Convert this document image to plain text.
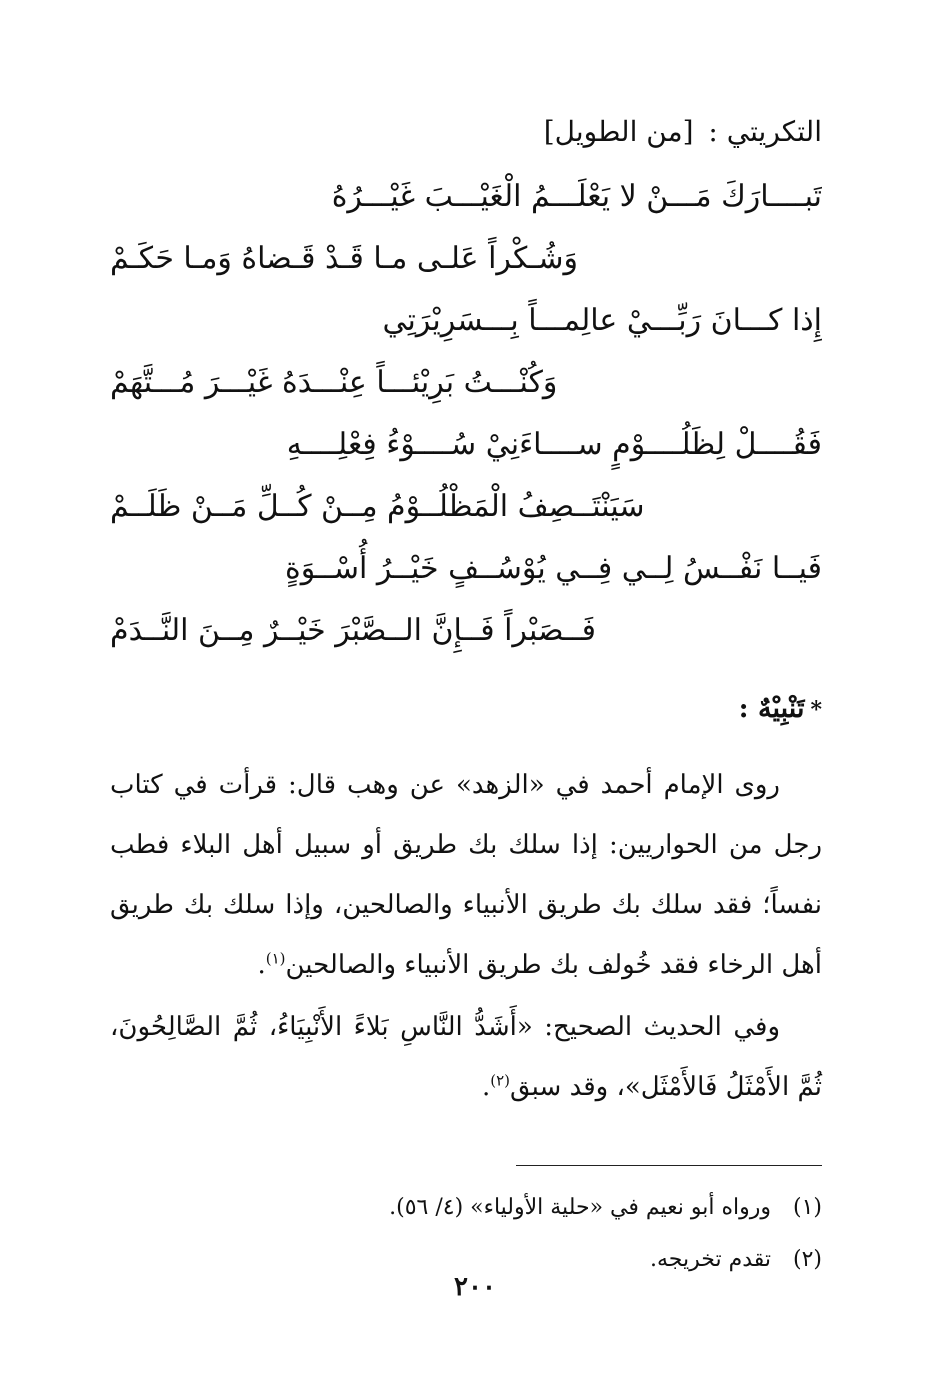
التكريتي : [من الطويل]
تَبــــارَكَ مَـــنْ لا يَعْلَـــمُ الْغَيْـــبَ غَيْـــرُهُ
وَشُـكْراً عَلـى مـا قَـدْ قَـضاهُ وَمـا حَكَـمْ
إِذا كـــانَ رَبِّـــيْ عالِمـــاً بِـــسَرِيْرَتِي
وَكُنْـــتُ بَرِيْئـــاً عِنْـــدَهُ غَيْـــرَ مُـــتَّهَمْ
فَقُــــلْ لِظَلُــــوْمٍ ســــاءَنِيْ سُــــوْءُ فِعْلِــــهِ
سَيَنْتَــصِفُ الْمَظْلُــوْمُ مِــنْ كُــلِّ مَــنْ ظَلَــمْ
فَيــا نَفْــسُ لِــي فِــي يُوْسُــفٍ خَيْــرُ أُسْــوَةٍ
فَــصَبْراً فَــإِنَّ الــصَّبْرَ خَيْــرٌ مِــنَ النَّــدَمْ
*تَنْبِيْهٌ :

روى الإمام أحمد في «الزهد» عن وهب قال: قرأت في كتاب رجل من الحواريين: إذا سلك بك طريق أو سبيل أهل البلاء فطب نفساً؛ فقد سلك بك طريق الأنبياء والصالحين، وإذا سلك بك طريق أهل الرخاء فقد خُولف بك طريق الأنبياء والصالحين$^{(١)}$.

وفي الحديث الصحيح: «أَشَدُّ النَّاسِ بَلاءً الأَنْبِيَاءُ، ثُمَّ الصَّالِحُونَ، ثُمَّ الأَمْثَلُ فَالأَمْثَل»، وقد سبق$^{(٢)}$.

(١) ورواه أبو نعيم في «حلية الأولياء» (٤/ ٥٦).
(٢) تقدم تخريجه.
٢٠٠
